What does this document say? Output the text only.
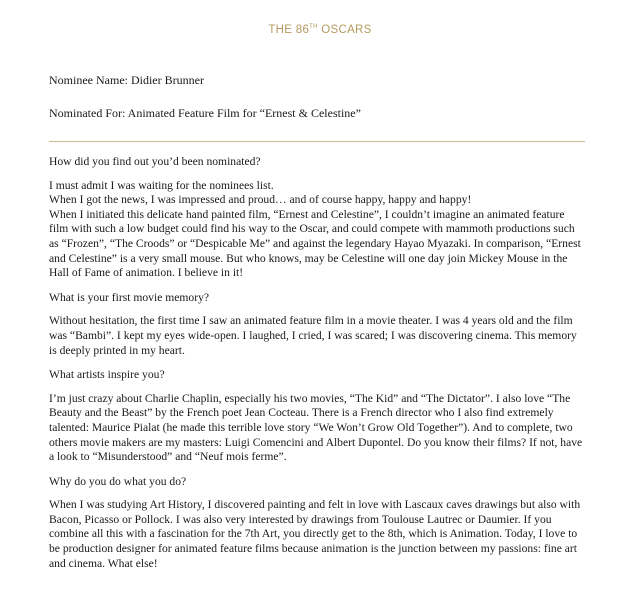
THE 86TH OSCARS
Nominee Name: Didier Brunner
Nominated For: Animated Feature Film for “Ernest & Celestine”
How did you find out you’d been nominated?
I must admit I was waiting for the nominees list.
When I got the news, I was impressed and proud… and of course happy, happy and happy!
When I initiated this delicate hand painted film, “Ernest and Celestine”, I couldn’t imagine an animated feature film with such a low budget could find his way to the Oscar, and could compete with mammoth productions such as “Frozen”, “The Croods” or “Despicable Me” and against the legendary Hayao Myazaki. In comparison, “Ernest and Celestine” is a very small mouse. But who knows, may be Celestine will one day join Mickey Mouse in the Hall of Fame of animation. I believe in it!
What is your first movie memory?
Without hesitation, the first time I saw an animated feature film in a movie theater. I was 4 years old and the film was “Bambi”. I kept my eyes wide-open. I laughed, I cried, I was scared; I was discovering cinema. This memory is deeply printed in my heart.
What artists inspire you?
I’m just crazy about Charlie Chaplin, especially his two movies, “The Kid” and “The Dictator”. I also love “The Beauty and the Beast” by the French poet Jean Cocteau. There is a French director who I also find extremely talented: Maurice Pialat (he made this terrible love story “We Won’t Grow Old Together”). And to complete, two others movie makers are my masters: Luigi Comencini and Albert Dupontel. Do you know their films? If not, have a look to “Misunderstood” and “Neuf mois ferme”.
Why do you do what you do?
When I was studying Art History, I discovered painting and felt in love with Lascaux caves drawings but also with Bacon, Picasso or Pollock. I was also very interested by drawings from Toulouse Lautrec or Daumier. If you combine all this with a fascination for the 7th Art, you directly get to the 8th, which is Animation. Today, I love to be production designer for animated feature films because animation is the junction between my passions: fine art and cinema. What else!
